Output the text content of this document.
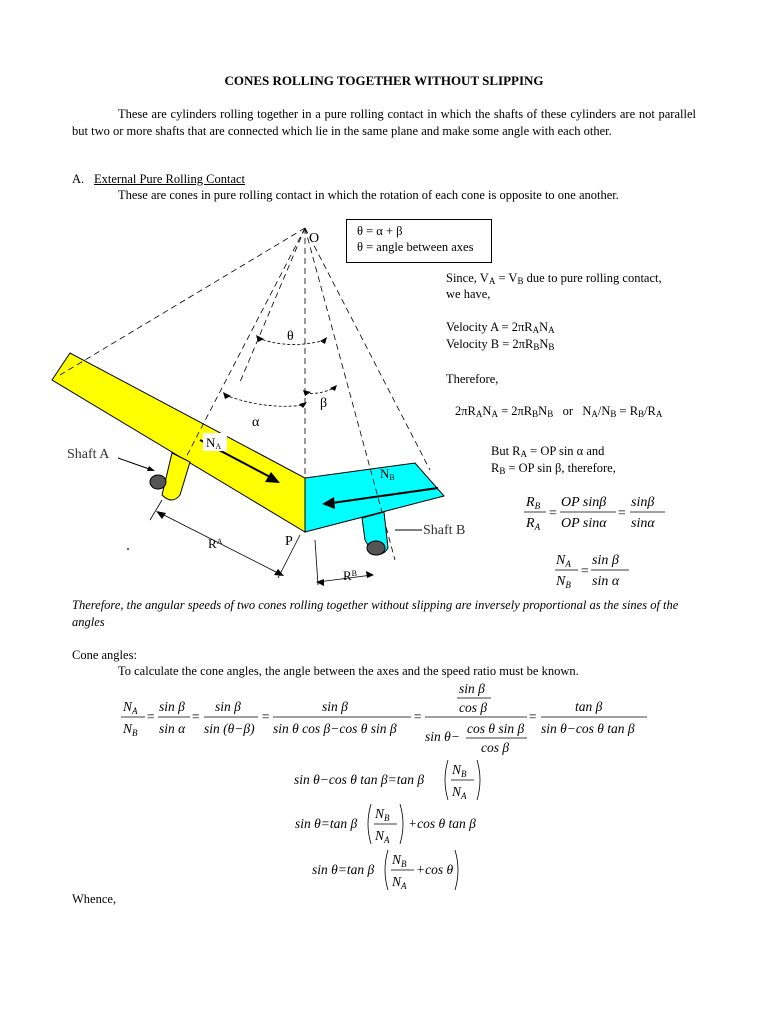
CONES ROLLING TOGETHER WITHOUT SLIPPING
These are cylinders rolling together in a pure rolling contact in which the shafts of these cylinders are not parallel but two or more shafts that are connected which lie in the same plane and make some angle with each other.
A. External Pure Rolling Contact
These are cones in pure rolling contact in which the rotation of each cone is opposite to one another.
θ = α + β
θ = angle between axes
O
θ
α
β
NA
NB
Shaft A
Shaft B
$R^A$	P
$R^B$
Since, $V_A = V_B$ due to pure rolling contact,
we have,
Velocity $A = 2\pi R_AN_A$
Velocity $B = 2\pi R_BN_B$
Therefore,
$2\pi R_AN_A = 2\pi R_BN_B$ or   $N_A/N_B = R_B/R_A$
But $R_A$ = OP sin α and
$R_B$ = OP sin β, therefore,
$R_B$
$R_A$
=
OP sinβ
OP sinα
=
sinβ
sinα
$N_A$
$N_B$
=
sin β
sin α
Therefore, the angular speeds of two cones rolling together without slipping are inversely proportional as the sines of the angles
Cone angles:
To calculate the cone angles, the angle between the axes and the speed ratio must be known.
$N_A$
$N_B$
=
sin β
sin α
=
sin β
sin (θ−β)
=
sin β
sin θ cos β−cos θ sin β
=
sin β
cos β
sin θ−
cos θ sin β
cos β
=
tan β
sin θ−cos θ tan β
sin θ−cos θ tan β=tan β
$N_B$
$N_A$
sin θ=tan β
$N_B$
$N_A$
+cos θ tan β
sin θ=tan β
$N_B$
$N_A$
+cos θ
Whence,
